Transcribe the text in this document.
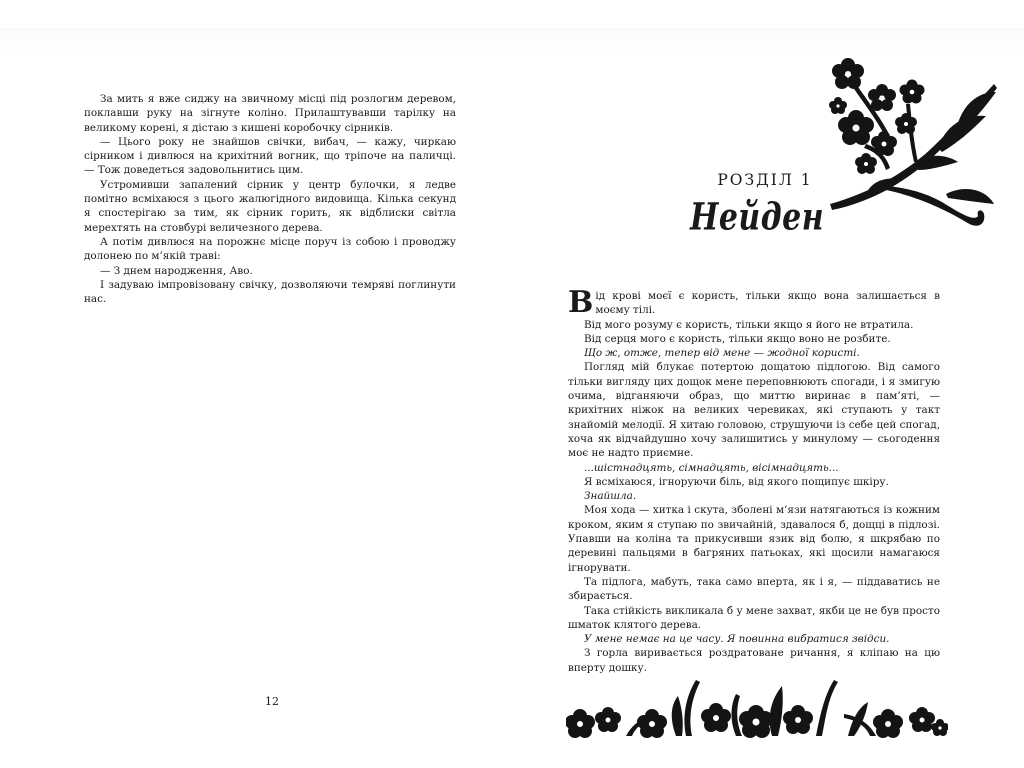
За мить я вже сиджу на звичному місці під розлогим деревом, поклавши руку на зігнуте коліно. Прилаштувавши тарілку на великому корені, я дістаю з кишені коробочку сірників.

— Цього року не знайшов свічки, вибач, — кажу, чиркаю сірником і дивлюся на крихітний вогник, що тріпоче на паличці. — Тож доведеться задовольнитись цим.

Устромивши запалений сірник у центр булочки, я ледве помітно всміхаюся з цього жалюгідного видовища. Кілька секунд я спостерігаю за тим, як сірник горить, як відблиски світла мерехтять на стовбурі величезного дерева.

А потім дивлюся на порожнє місце поруч із собою і проводжу долонею по м’якій траві:

— З днем народження, Аво.

І задуваю імпровізовану свічку, дозволяючи темряві поглинути нас.

12
РОЗДІЛ 1
Нейден

Від крові моєї є користь, тільки якщо вона залишається в моєму тілі.

Від мого розуму є користь, тільки якщо я його не втратила.

Від серця мого є користь, тільки якщо воно не розбите.

Що ж, отже, тепер від мене — жодної користі.

Погляд мій блукає потертою дощатою підлогою. Від самого тільки вигляду цих дощок мене переповнюють спогади, і я змигую очима, відганяючи образ, що миттю виринає в пам’яті, — крихітних ніжок на великих черевиках, які ступають у такт знайомій мелодії. Я хитаю головою, струшуючи із себе цей спогад, хоча як відчайдушно хочу залишитись у минулому — сьогодення моє не надто приємне.

...шістнадцять, сімнадцять, вісімнадцять...

Я всміхаюся, ігноруючи біль, від якого пощипує шкіру.

Знайшла.

Моя хода — хитка і скута, зболені м’язи натягаються із кожним кроком, яким я ступаю по звичайній, здавалося б, дощці в підлозі. Упавши на коліна та прикусивши язик від болю, я шкрябаю по деревині пальцями в багряних патьоках, які щосили намагаюся ігнорувати.

Та підлога, мабуть, така само вперта, як і я, — піддаватись не збирається.

Така стійкість викликала б у мене захват, якби це не був просто шматок клятого дерева.

У мене немає на це часу. Я повинна вибратися звідси.

З горла виривається роздратоване ричання, я кліпаю на цю вперту дошку.
